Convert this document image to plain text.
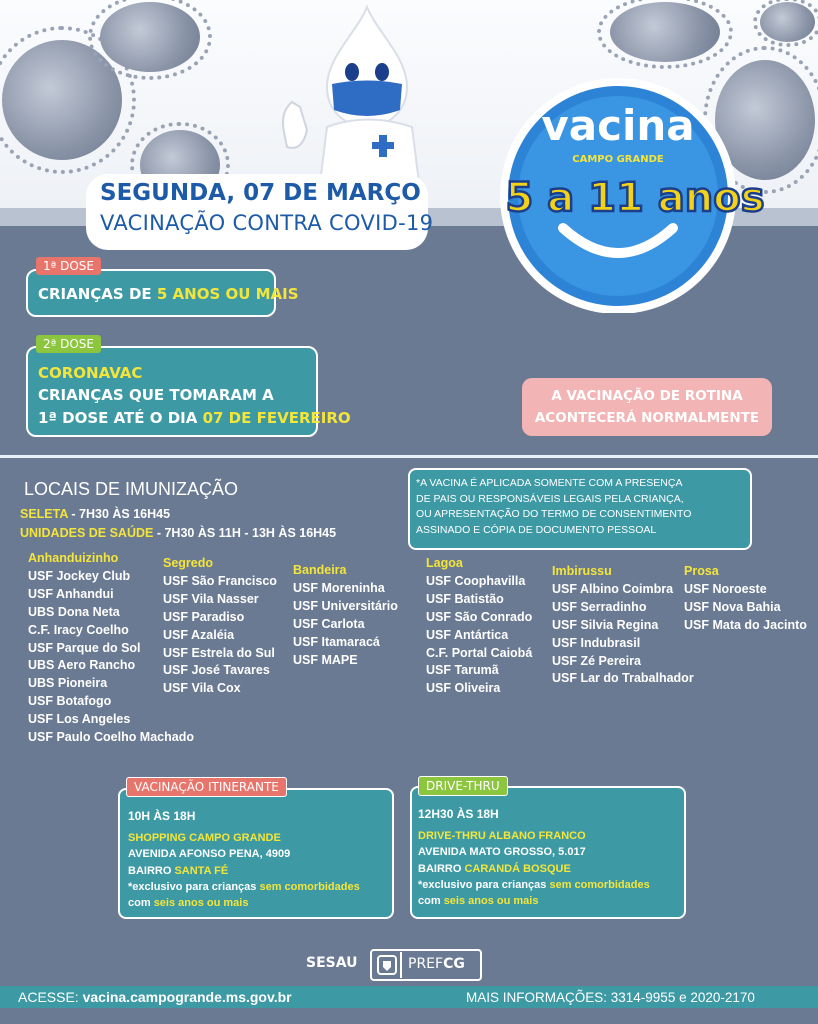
SEGUNDA, 07 DE MARÇO
VACINAÇÃO CONTRA COVID-19
vacina
CAMPO GRANDE
5 a 11 anos
1ª DOSE
CRIANÇAS DE 5 ANOS OU MAIS
2ª DOSE
CORONAVAC
CRIANÇAS QUE TOMARAM A
1ª DOSE ATÉ O DIA 07 DE FEVEREIRO
A VACINAÇÃO DE ROTINA
ACONTECERÁ NORMALMENTE
LOCAIS DE IMUNIZAÇÃO
SELETA - 7H30 ÀS 16H45
UNIDADES DE SAÚDE - 7H30 ÀS 11H - 13H ÀS 16H45
Anhanduizinho
USF Jockey Club
USF Anhandui
UBS Dona Neta
C.F. Iracy Coelho
USF Parque do Sol
UBS Aero Rancho
UBS Pioneira
USF Botafogo
USF Los Angeles
USF Paulo Coelho Machado
Segredo
USF São Francisco
USF Vila Nasser
USF Paradiso
USF Azaléia
USF Estrela do Sul
USF José Tavares
USF Vila Cox
Bandeira
USF Moreninha
USF Universitário
USF Carlota
USF Itamaracá
USF MAPE
Lagoa
USF Coophavilla
USF Batistão
USF São Conrado
USF Antártica
C.F. Portal Caiobá
USF Tarumã
USF Oliveira
Imbirussu
USF Albino Coimbra
USF Serradinho
USF Silvia Regina
USF Indubrasil
USF Zé Pereira
USF Lar do Trabalhador
Prosa
USF Noroeste
USF Nova Bahia
USF Mata do Jacinto
*A VACINA É APLICADA SOMENTE COM A PRESENÇA
DE PAIS OU RESPONSÁVEIS LEGAIS PELA CRIANÇA,
OU APRESENTAÇÃO DO TERMO DE CONSENTIMENTO
ASSINADO E CÓPIA DE DOCUMENTO PESSOAL
10H ÀS 18H
SHOPPING CAMPO GRANDE
AVENIDA AFONSO PENA, 4909
BAIRRO SANTA FÉ
*exclusivo para crianças sem comorbidades
com seis anos ou mais
VACINAÇÃO ITINERANTE
12H30 ÀS 18H
DRIVE-THRU ALBANO FRANCO
AVENIDA MATO GROSSO, 5.017
BAIRRO CARANDÁ BOSQUE
*exclusivo para crianças sem comorbidades
com seis anos ou mais
DRIVE-THRU
SESAU	PREFCG
ACESSE: vacina.campogrande.ms.gov.br	MAIS INFORMAÇÕES: 3314-9955 e 2020-2170
